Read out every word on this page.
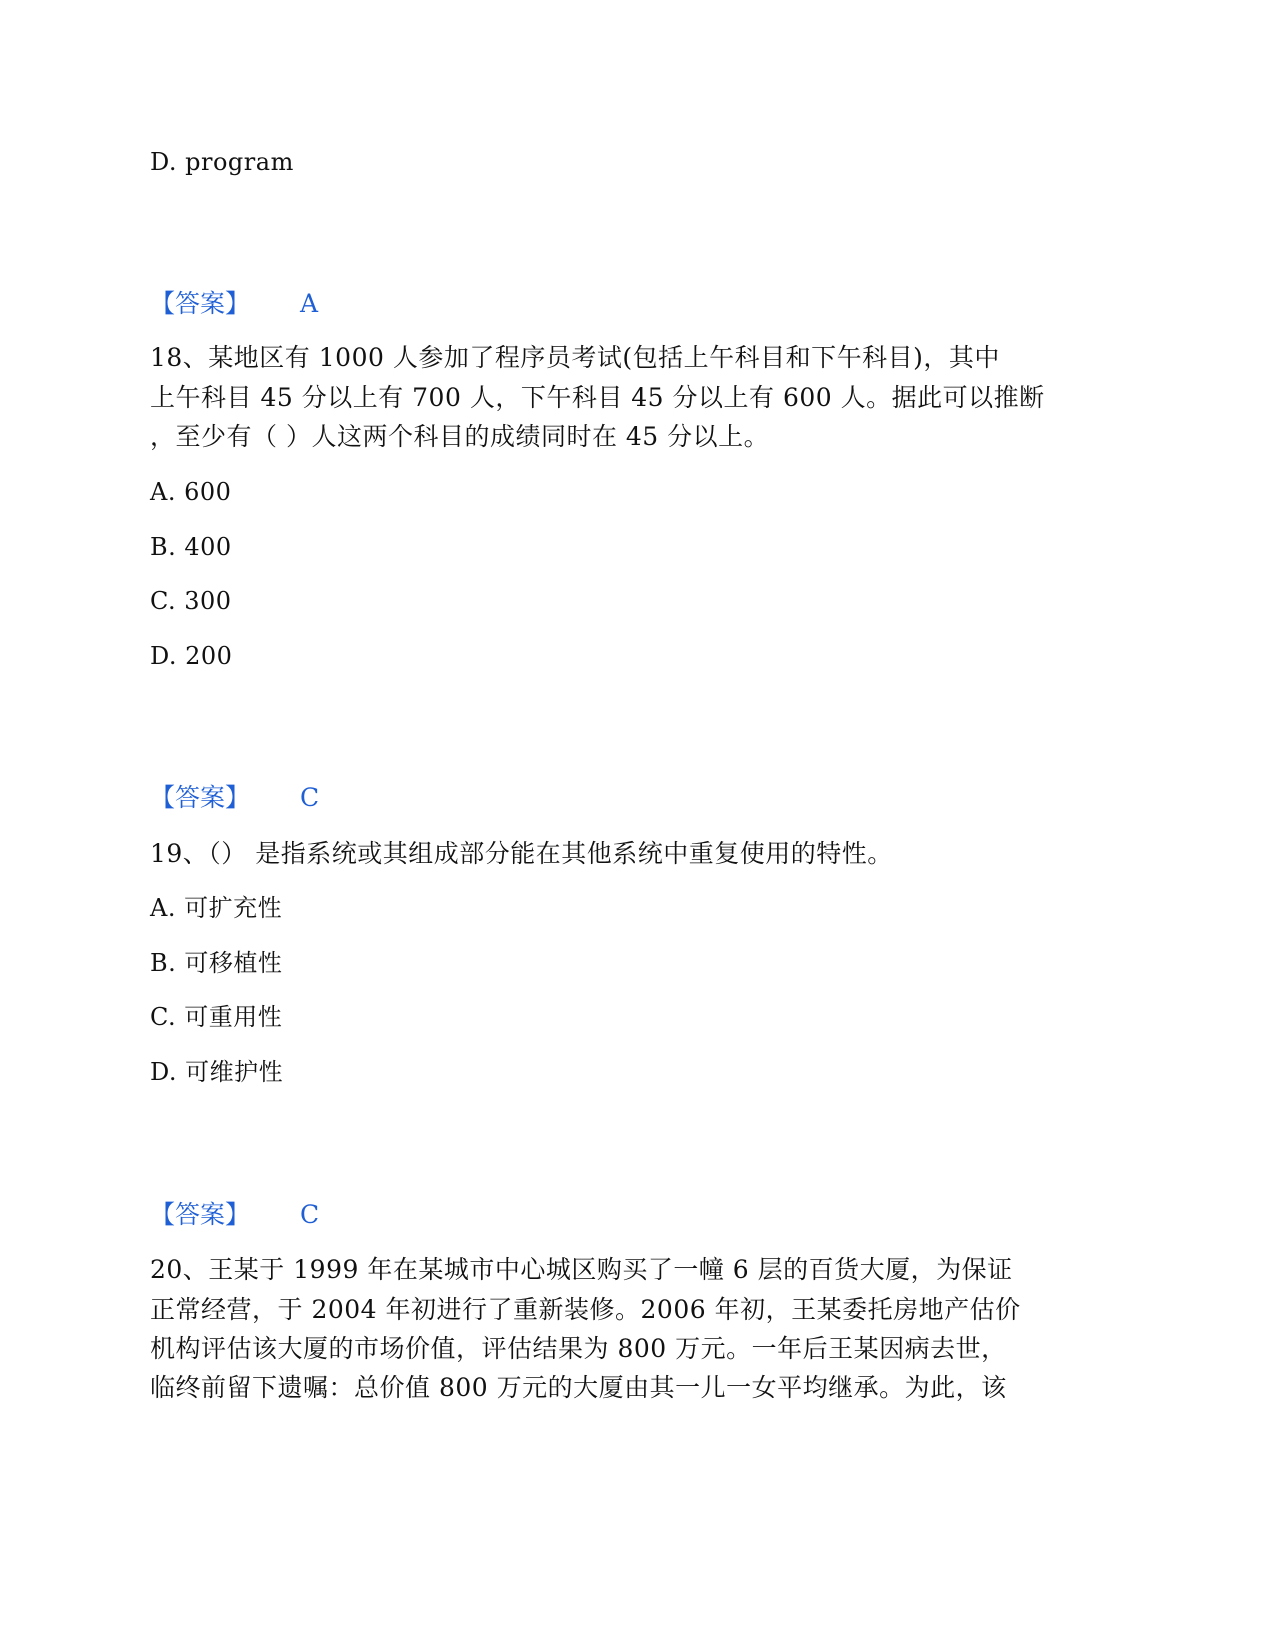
D. program
【答案】 A
18、某地区有 1000 人参加了程序员考试(包括上午科目和下午科目)，其中
上午科目 45 分以上有 700 人，下午科目 45 分以上有 600 人。据此可以推断
，至少有（ ）人这两个科目的成绩同时在 45 分以上。
A. 600
B. 400
C. 300
D. 200
【答案】 C
19、（） 是指系统或其组成部分能在其他系统中重复使用的特性。
A. 可扩充性
B. 可移植性
C. 可重用性
D. 可维护性
【答案】 C
20、王某于 1999 年在某城市中心城区购买了一幢 6 层的百货大厦，为保证
正常经营，于 2004 年初进行了重新装修。2006 年初，王某委托房地产估价
机构评估该大厦的市场价值，评估结果为 800 万元。一年后王某因病去世，
临终前留下遗嘱：总价值 800 万元的大厦由其一儿一女平均继承。为此，该
